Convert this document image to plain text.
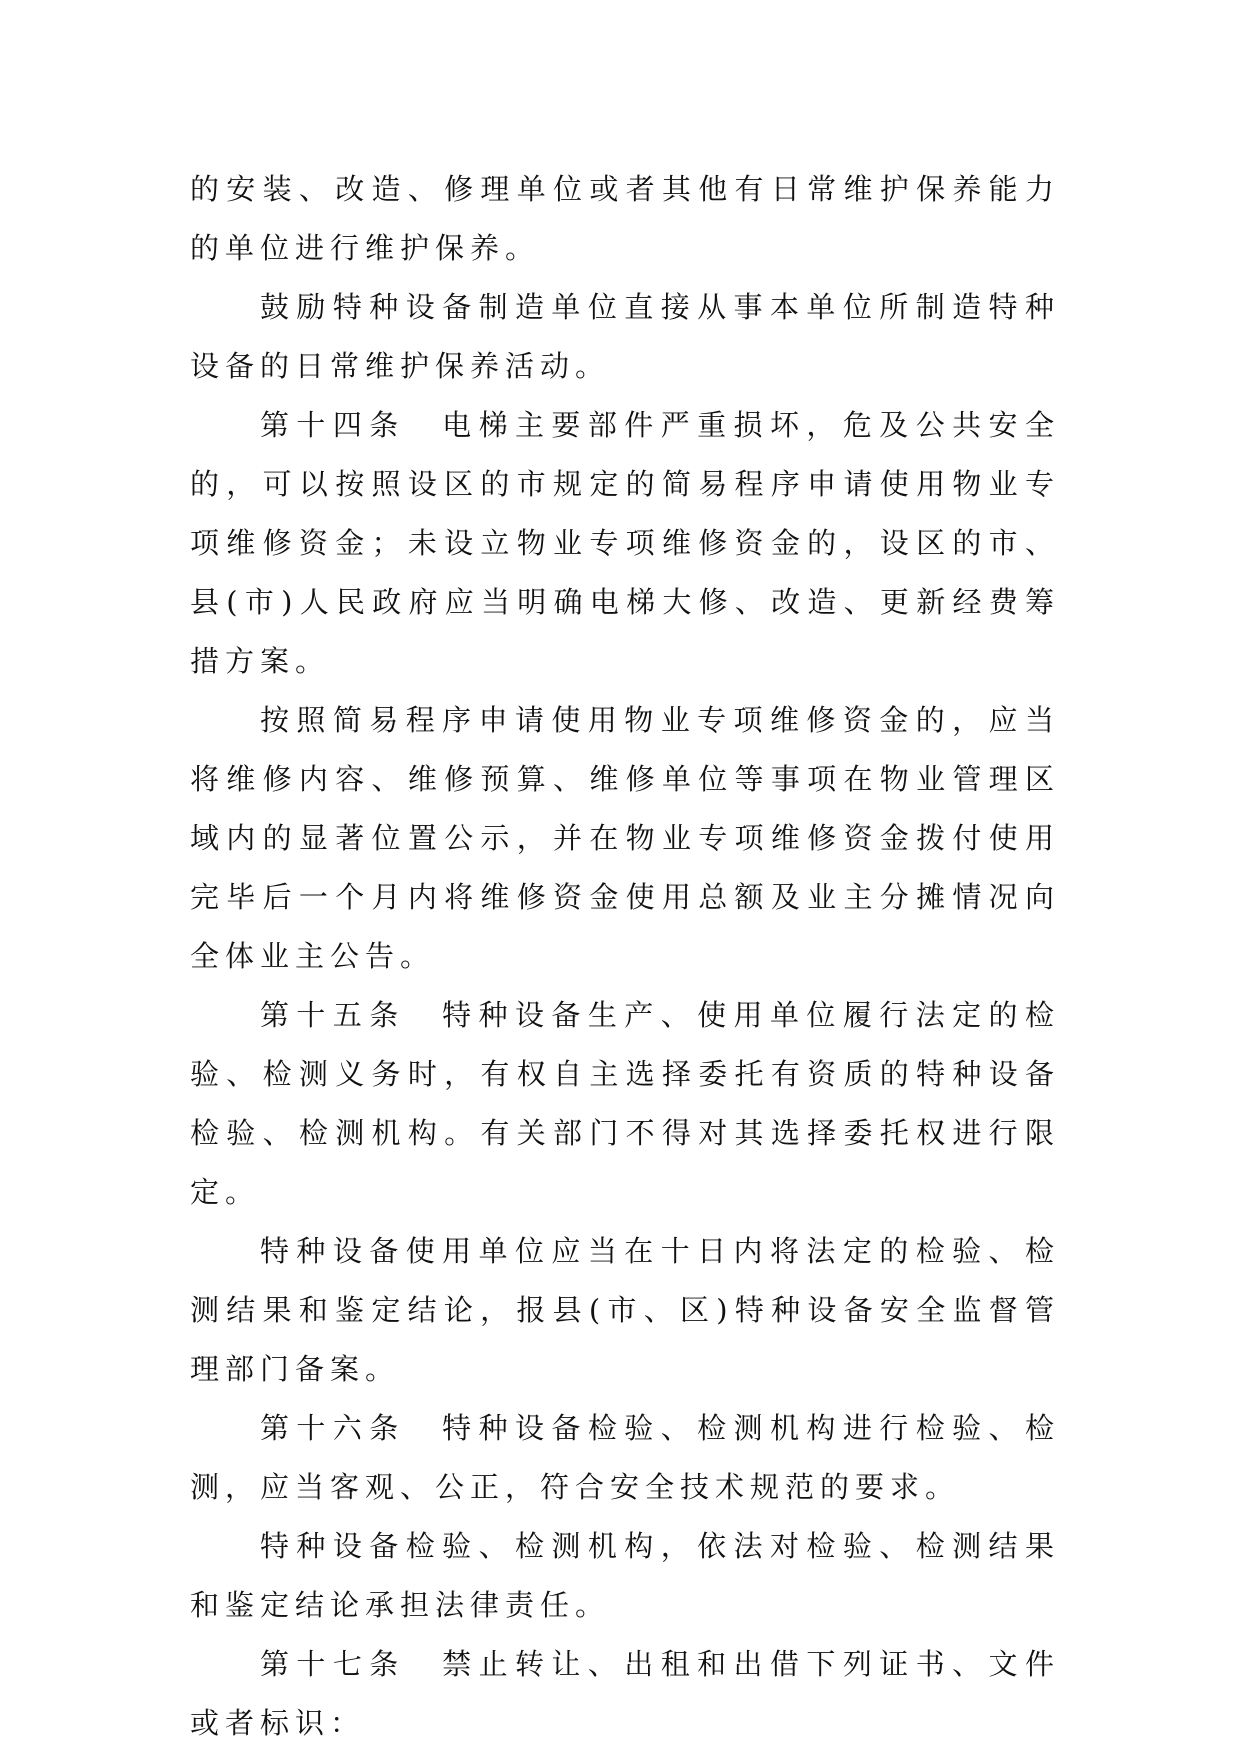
的安装、改造、修理单位或者其他有日常维护保养能力的单位进行维护保养。

鼓励特种设备制造单位直接从事本单位所制造特种设备的日常维护保养活动。

第十四条　电梯主要部件严重损坏，危及公共安全的，可以按照设区的市规定的简易程序申请使用物业专项维修资金；未设立物业专项维修资金的，设区的市、县(市)人民政府应当明确电梯大修、改造、更新经费筹措方案。

按照简易程序申请使用物业专项维修资金的，应当将维修内容、维修预算、维修单位等事项在物业管理区域内的显著位置公示，并在物业专项维修资金拨付使用完毕后一个月内将维修资金使用总额及业主分摊情况向全体业主公告。

第十五条　特种设备生产、使用单位履行法定的检验、检测义务时，有权自主选择委托有资质的特种设备检验、检测机构。有关部门不得对其选择委托权进行限定。

特种设备使用单位应当在十日内将法定的检验、检测结果和鉴定结论，报县(市、区)特种设备安全监督管理部门备案。

第十六条　特种设备检验、检测机构进行检验、检测，应当客观、公正，符合安全技术规范的要求。

特种设备检验、检测机构，依法对检验、检测结果和鉴定结论承担法律责任。

第十七条　禁止转让、出租和出借下列证书、文件或者标识：
